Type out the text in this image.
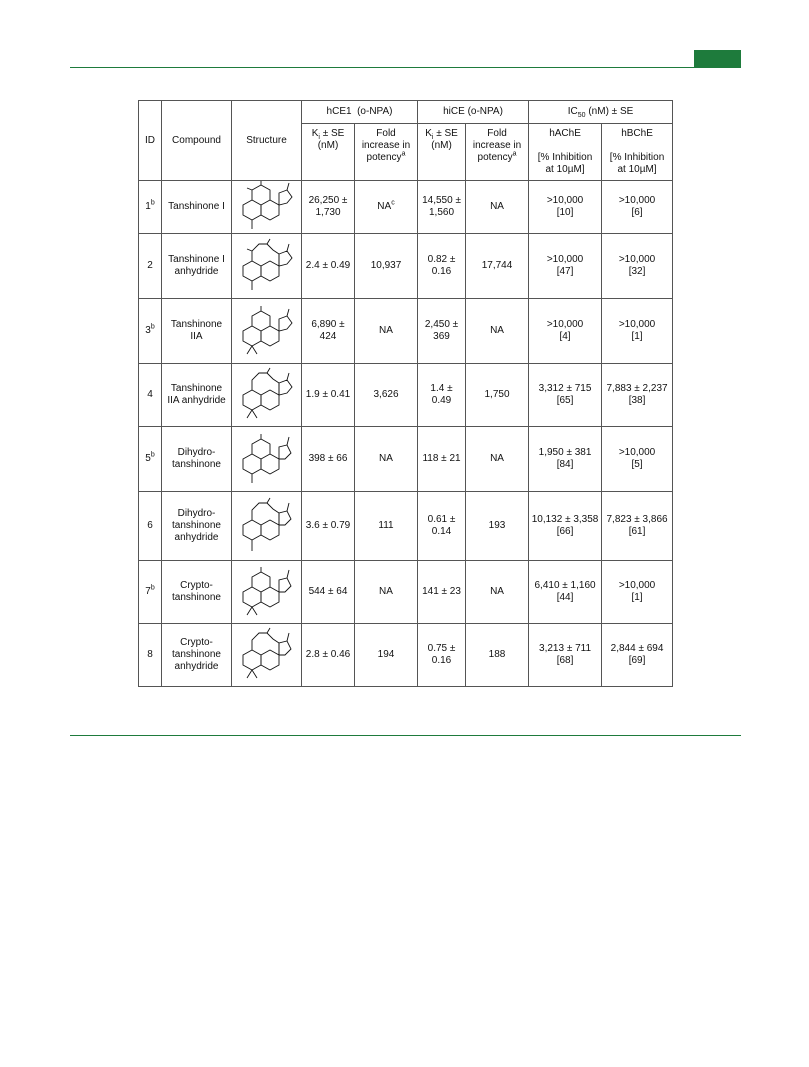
ID	Compound	Structure	hCE1  (o-NPA)		hiCE (o-NPA)		$IC_{50}$ (nM) ± SE	
			$K_i$ ± SE
(nM)	Fold
increase in
potency$^a$	$K_i$ ± SE
(nM)	Fold
increase in
potency$^a$	hAChE

[% Inhibition
at 10µM]	hBChE

[% Inhibition
at 10µM]
1$^b$	Tanshinone I		26,250 ± 1,730	$NA^c$	14,550 ± 1,560	NA	>10,000
[10]	>10,000
[6]

2	Tanshinone I anhydride		2.4 ± 0.49	10,937	0.82 ± 0.16	17,744	>10,000
[47]	>10,000
[32]

3$^b$	Tanshinone IIA		6,890 ± 424	NA	2,450 ± 369	NA	>10,000
[4]	>10,000
[1]

4	Tanshinone IIA anhydride		1.9 ± 0.41	3,626	1.4 ± 0.49	1,750	3,312 ± 715
[65]	7,883 ± 2,237
[38]

5$^b$	Dihydro-tanshinone		398 ± 66	NA	118 ± 21	NA	1,950 ± 381
[84]	>10,000
[5]

6	Dihydro-tanshinone anhydride		3.6 ± 0.79	111	0.61 ± 0.14	193	10,132 ± 3,358
[66]	7,823 ± 3,866
[61]

7$^b$	Crypto-tanshinone		544 ± 64	NA	141 ± 23	NA	6,410 ± 1,160
[44]	>10,000
[1]

8	Crypto-tanshinone anhydride		2.8 ± 0.46	194	0.75 ± 0.16	188	3,213 ± 711
[68]	2,844 ± 694
[69]
